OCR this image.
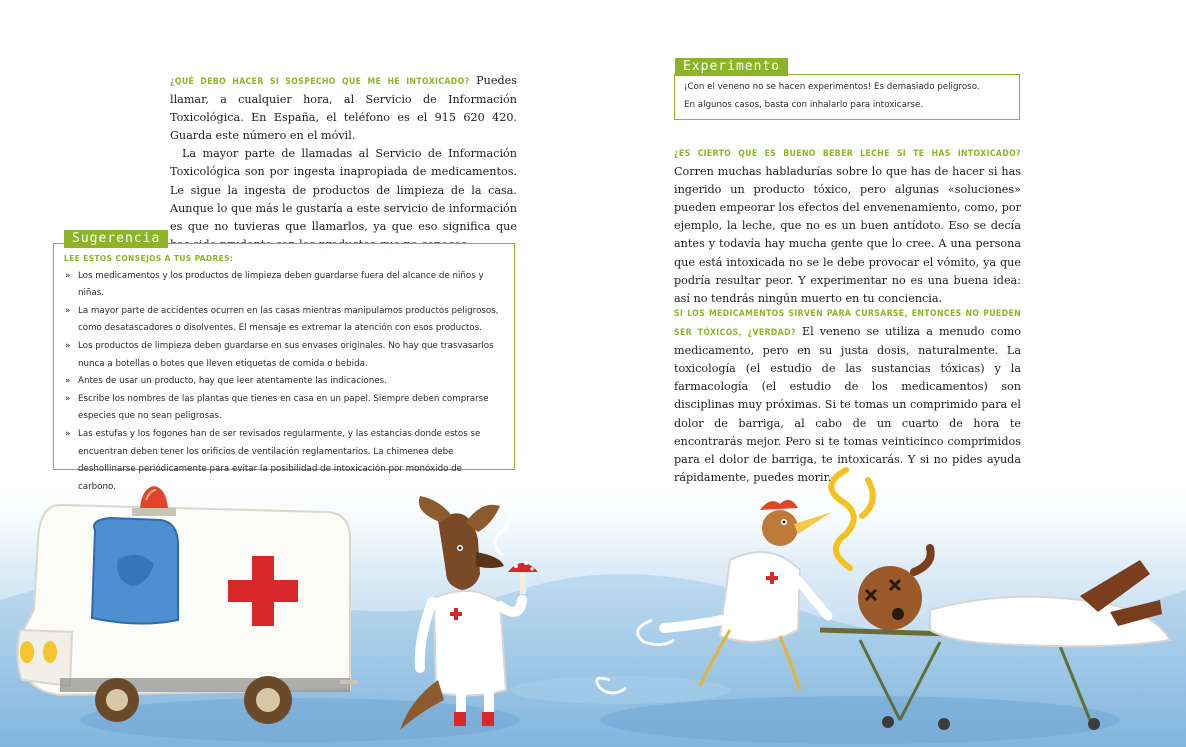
¿QUÉ DEBO HACER SI SOSPECHO QUE ME HE INTOXICADO? Puedes llamar, a cualquier hora, al Servicio de Información Toxicológica. En España, el teléfono es el 915 620 420. Guarda este número en el móvil.

La mayor parte de llamadas al Servicio de Información Toxicológica son por ingesta inapropiada de medicamentos. Le sigue la ingesta de productos de limpieza de la casa. Aunque lo que más le gustaría a este servicio de información es que no tuvieras que llamarlos, ya que eso significa que

Sugerencia
LEE ESTOS CONSEJOS A TUS PADRES:
» Los medicamentos y los productos de limpieza deben guardarse fuera del alcance de niños y niñas.
» La mayor parte de accidentes ocurren en las casas mientras manipulamos productos peligrosos, como desatascadores o disolventes. El mensaje es extremar la atención con esos productos.
» Los productos de limpieza deben guardarse en sus envases originales. No hay que trasvasarlos nunca a botellas o botes que lleven etiquetas de comida o bebida.
» Antes de usar un producto, hay que leer atentamente las indicaciones.
» Escribe los nombres de las plantas que tienes en casa en un papel. Siempre deben comprarse especies que no sean peligrosas.
» Las estufas y los fogones han de ser revisados regularmente, y las estancias donde estos se encuentran deben tener los orificios de ventilación reglamentarios. La chimenea debe deshollinarse periódicamente para evitar la posibilidad de intoxicación por monóxido de carbono.
Experimento
¡Con el veneno no se hacen experimentos! Es demasiado peligroso.
En algunos casos, basta con inhalarlo para intoxicarse.

¿ES CIERTO QUE ES BUENO BEBER LECHE SI TE HAS INTOXICADO? Corren muchas habladurías sobre lo que has de hacer si has ingerido un producto tóxico, pero algunas «soluciones» pueden empeorar los efectos del envenenamiento, como, por ejemplo, la leche, que no es un buen antídoto. Eso se decía antes y todavía hay mucha gente que lo cree. A una persona que está intoxicada no se le debe provocar el vómito, ya que podría resultar peor. Y experimentar no es una buena idea: así no tendrás ningún muerto en tu conciencia.

SI LOS MEDICAMENTOS SIRVEN PARA CURSARSE, ENTONCES NO PUEDEN SER TÓXICOS, ¿VERDAD? El veneno se utiliza a menudo como medicamento, pero en su justa dosis, naturalmente. La toxicología (el estudio de las sustancias tóxicas) y la farmacología (el estudio de los medicamentos) son disciplinas muy próximas. Si te tomas un comprimido para el dolor de barriga, al cabo de un cuarto de hora te encontrarás mejor. Pero si te tomas veinticinco comprimidos para el dolor de barriga, te intoxicarás. Y si no pides ayuda rápidamente, puedes morir.
